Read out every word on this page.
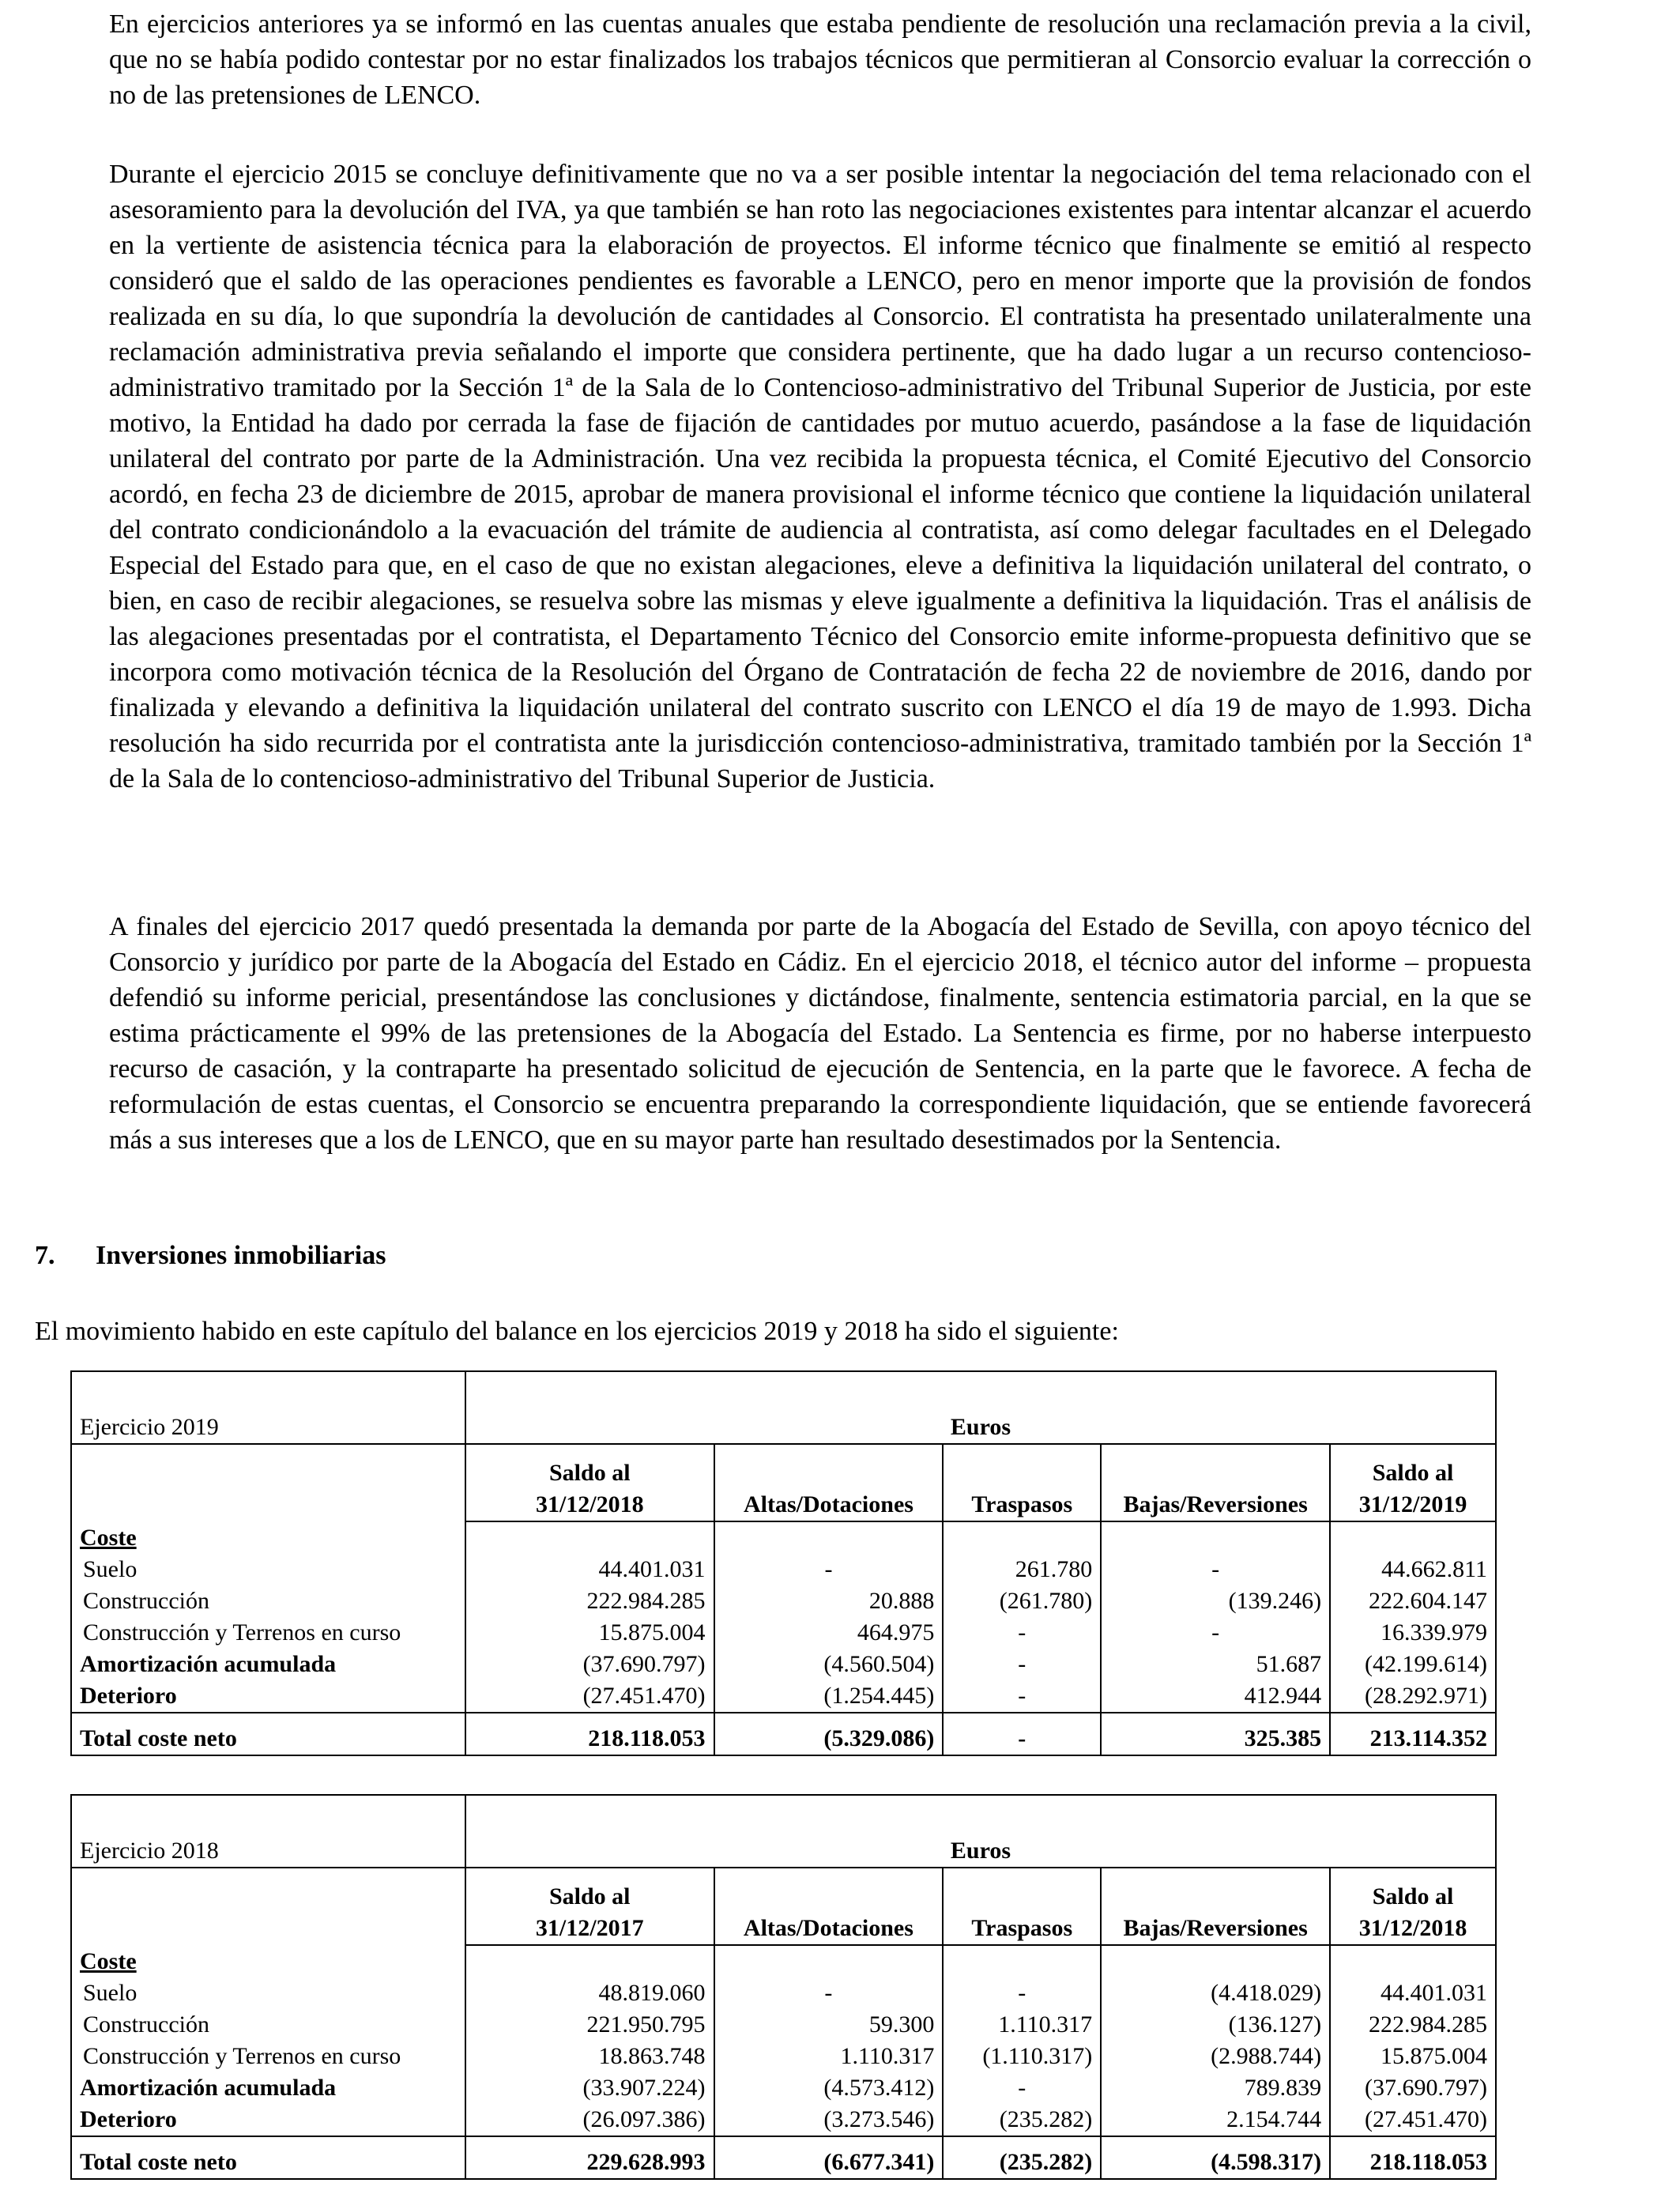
En ejercicios anteriores ya se informó en las cuentas anuales que estaba pendiente de resolución una reclamación previa a la civil, que no se había podido contestar por no estar finalizados los trabajos técnicos que permitieran al Consorcio evaluar la corrección o no de las pretensiones de LENCO.

Durante el ejercicio 2015 se concluye definitivamente que no va a ser posible intentar la negociación del tema relacionado con el asesoramiento para la devolución del IVA, ya que también se han roto las negociaciones existentes para intentar alcanzar el acuerdo en la vertiente de asistencia técnica para la elaboración de proyectos. El informe técnico que finalmente se emitió al respecto consideró que el saldo de las operaciones pendientes es favorable a LENCO, pero en menor importe que la provisión de fondos realizada en su día, lo que supondría la devolución de cantidades al Consorcio. El contratista ha presentado unilateralmente una reclamación administrativa previa señalando el importe que considera pertinente, que ha dado lugar a un recurso contencioso-administrativo tramitado por la Sección 1ª de la Sala de lo Contencioso-administrativo del Tribunal Superior de Justicia, por este motivo, la Entidad ha dado por cerrada la fase de fijación de cantidades por mutuo acuerdo, pasándose a la fase de liquidación unilateral del contrato por parte de la Administración. Una vez recibida la propuesta técnica, el Comité Ejecutivo del Consorcio acordó, en fecha 23 de diciembre de 2015, aprobar de manera provisional el informe técnico que contiene la liquidación unilateral del contrato condicionándolo a la evacuación del trámite de audiencia al contratista, así como delegar facultades en el Delegado Especial del Estado para que, en el caso de que no existan alegaciones, eleve a definitiva la liquidación unilateral del contrato, o bien, en caso de recibir alegaciones, se resuelva sobre las mismas y eleve igualmente a definitiva la liquidación. Tras el análisis de las alegaciones presentadas por el contratista, el Departamento Técnico del Consorcio emite informe-propuesta definitivo que se incorpora como motivación técnica de la Resolución del Órgano de Contratación de fecha 22 de noviembre de 2016, dando por finalizada y elevando a definitiva la liquidación unilateral del contrato suscrito con LENCO el día 19 de mayo de 1.993. Dicha resolución ha sido recurrida por el contratista ante la jurisdicción contencioso-administrativa, tramitado también por la Sección 1ª de la Sala de lo contencioso-administrativo del Tribunal Superior de Justicia.

A finales del ejercicio 2017 quedó presentada la demanda por parte de la Abogacía del Estado de Sevilla, con apoyo técnico del Consorcio y jurídico por parte de la Abogacía del Estado en Cádiz. En el ejercicio 2018, el técnico autor del informe – propuesta defendió su informe pericial, presentándose las conclusiones y dictándose, finalmente, sentencia estimatoria parcial, en la que se estima prácticamente el 99% de las pretensiones de la Abogacía del Estado. La Sentencia es firme, por no haberse interpuesto recurso de casación, y la contraparte ha presentado solicitud de ejecución de Sentencia, en la parte que le favorece. A fecha de reformulación de estas cuentas, el Consorcio se encuentra preparando la correspondiente liquidación, que se entiende favorecerá más a sus intereses que a los de LENCO, que en su mayor parte han resultado desestimados por la Sentencia.

7. Inversiones inmobiliarias
El movimiento habido en este capítulo del balance en los ejercicios 2019 y 2018 ha sido el siguiente:
Ejercicio 2019	Euros				
	Saldo al
31/12/2018	Altas/Dotaciones	Traspasos	Bajas/Reversiones	Saldo al
31/12/2019
Coste					
Suelo	44.401.031	-	261.780	-	44.662.811
Construcción	222.984.285	20.888	(261.780)	(139.246)	222.604.147
Construcción y Terrenos en curso	15.875.004	464.975	-	-	16.339.979
Amortización acumulada	(37.690.797)	(4.560.504)	-	51.687	(42.199.614)
Deterioro	(27.451.470)	(1.254.445)	-	412.944	(28.292.971)
Total coste neto	218.118.053	(5.329.086)	-	325.385	213.114.352
Ejercicio 2018	Euros				
	Saldo al
31/12/2017	Altas/Dotaciones	Traspasos	Bajas/Reversiones	Saldo al
31/12/2018
Coste					
Suelo	48.819.060	-	-	(4.418.029)	44.401.031
Construcción	221.950.795	59.300	1.110.317	(136.127)	222.984.285
Construcción y Terrenos en curso	18.863.748	1.110.317	(1.110.317)	(2.988.744)	15.875.004
Amortización acumulada	(33.907.224)	(4.573.412)	-	789.839	(37.690.797)
Deterioro	(26.097.386)	(3.273.546)	(235.282)	2.154.744	(27.451.470)
Total coste neto	229.628.993	(6.677.341)	(235.282)	(4.598.317)	218.118.053
